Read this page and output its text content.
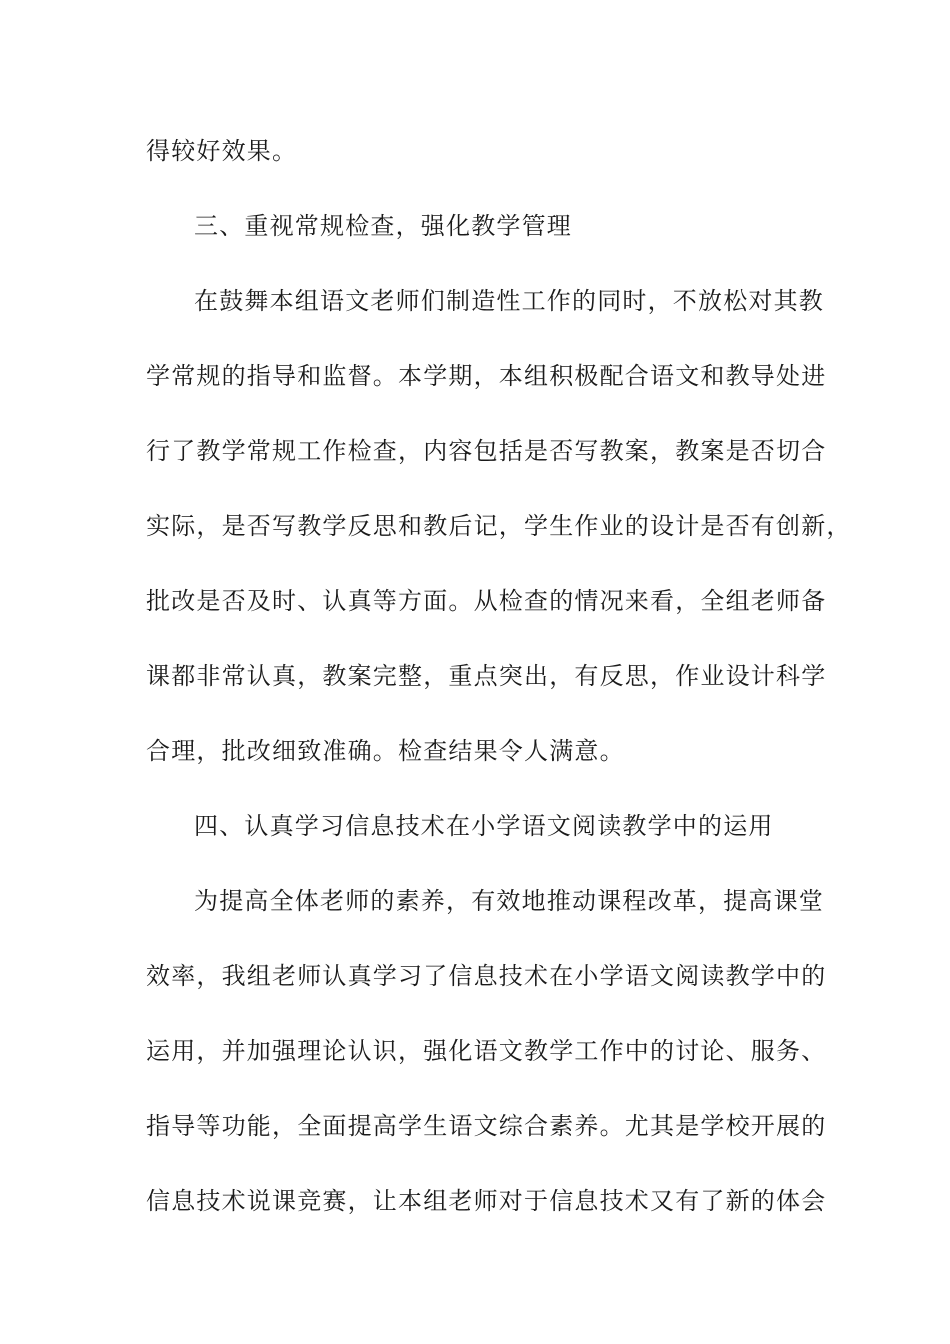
得较好效果。
三、重视常规检查，强化教学管理
在鼓舞本组语文老师们制造性工作的同时，不放松对其教
学常规的指导和监督。本学期，本组积极配合语文和教导处进
行了教学常规工作检查，内容包括是否写教案，教案是否切合
实际，是否写教学反思和教后记，学生作业的设计是否有创新，
批改是否及时、认真等方面。从检查的情况来看，全组老师备
课都非常认真，教案完整，重点突出，有反思，作业设计科学
合理，批改细致准确。检查结果令人满意。
四、认真学习信息技术在小学语文阅读教学中的运用
为提高全体老师的素养，有效地推动课程改革，提高课堂
效率，我组老师认真学习了信息技术在小学语文阅读教学中的
运用，并加强理论认识，强化语文教学工作中的讨论、服务、
指导等功能，全面提高学生语文综合素养。尤其是学校开展的
信息技术说课竞赛，让本组老师对于信息技术又有了新的体会
